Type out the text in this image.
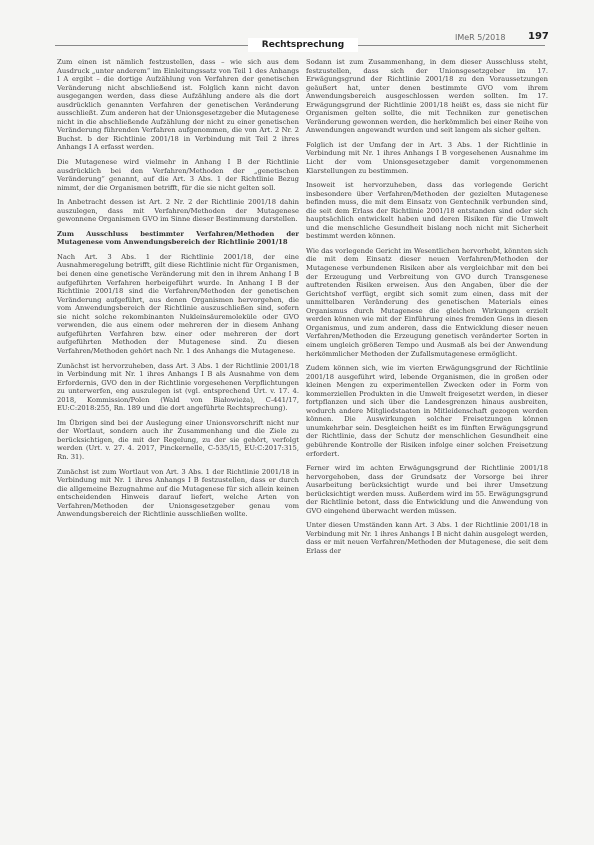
Rechtsprechung
IMeR 5/2018 197

Zum einen ist nämlich festzustellen, dass – wie sich aus dem Ausdruck „unter anderem“ im Einleitungssatz von Teil 1 des Anhangs I A ergibt – die dortige Aufzählung von Verfahren der genetischen Veränderung nicht abschließend ist. Folglich kann nicht davon ausgegangen werden, dass diese Aufzählung andere als die dort ausdrücklich genannten Verfahren der genetischen Veränderung ausschließt. Zum anderen hat der Unionsgesetzgeber die Mutagenese nicht in die abschließende Aufzählung der nicht zu einer genetischen Veränderung führenden Verfahren aufgenommen, die von Art. 2 Nr. 2 Buchst. b der Richtlinie 2001/18 in Verbindung mit Teil 2 ihres Anhangs I A erfasst werden.

Die Mutagenese wird vielmehr in Anhang I B der Richtlinie ausdrücklich bei den Verfahren/Methoden der „genetischen Veränderung“ genannt, auf die Art. 3 Abs. 1 der Richtlinie Bezug nimmt, der die Organismen betrifft, für die sie nicht gelten soll.

In Anbetracht dessen ist Art. 2 Nr. 2 der Richtlinie 2001/18 dahin auszulegen, dass mit Verfahren/Methoden der Mutagenese gewonnene Organismen GVO im Sinne dieser Bestimmung darstellen.

Zum Ausschluss bestimmter Verfahren/Methoden der Mutagenese vom Anwendungsbereich der Richtlinie 2001/18

Nach Art. 3 Abs. 1 der Richtlinie 2001/18, der eine Ausnahmeregelung betrifft, gilt diese Richtlinie nicht für Organismen, bei denen eine genetische Veränderung mit den in ihrem Anhang I B aufgeführten Verfahren herbeigeführt wurde. In Anhang I B der Richtlinie 2001/18 sind die Verfahren/Methoden der genetischen Veränderung aufgeführt, aus denen Organismen hervorgehen, die vom Anwendungsbereich der Richtlinie auszuschließen sind, sofern sie nicht solche rekombinanten Nukleinsäuremoleküle oder GVO verwenden, die aus einem oder mehreren der in diesem Anhang aufgeführten Verfahren bzw. einer oder mehreren der dort aufgeführten Methoden der Mutagenese sind. Zu diesen Verfahren/Methoden gehört nach Nr. 1 des Anhangs die Mutagenese.

Zunächst ist hervorzuheben, dass Art. 3 Abs. 1 der Richtlinie 2001/18 in Verbindung mit Nr. 1 ihres Anhangs I B als Ausnahme von dem Erfordernis, GVO den in der Richtlinie vorgesehenen Verpflichtungen zu unterwerfen, eng auszulegen ist (vgl. entsprechend Urt. v. 17. 4. 2018, Kommission/Polen (Wald von Białowieża), C-441/17, EU:C:2018:255, Rn. 189 und die dort angeführte Rechtsprechung).

Im Übrigen sind bei der Auslegung einer Unionsvorschrift nicht nur der Wortlaut, sondern auch ihr Zusammenhang und die Ziele zu berücksichtigen, die mit der Regelung, zu der sie gehört, verfolgt werden (Urt. v. 27. 4. 2017, Pinckernelle, C-535/15, EU:C:2017:315, Rn. 31).

Zunächst ist zum Wortlaut von Art. 3 Abs. 1 der Richtlinie 2001/18 in Verbindung mit Nr. 1 ihres Anhangs I B festzustellen, dass er durch die allgemeine Bezugnahme auf die Mutagenese für sich allein keinen entscheidenden Hinweis darauf liefert, welche Arten von Verfahren/Methoden der Unionsgesetzgeber genau vom Anwendungsbereich der Richtlinie ausschließen wollte.

Sodann ist zum Zusammenhang, in dem dieser Ausschluss steht, festzustellen, dass sich der Unionsgesetzgeber im 17. Erwägungsgrund der Richtlinie 2001/18 zu den Voraussetzungen geäußert hat, unter denen bestimmte GVO vom ihrem Anwendungsbereich ausgeschlossen werden sollten. Im 17. Erwägungsgrund der Richtlinie 2001/18 heißt es, dass sie nicht für Organismen gelten sollte, die mit Techniken zur genetischen Veränderung gewonnen werden, die herkömmlich bei einer Reihe von Anwendungen angewandt wurden und seit langem als sicher gelten.

Folglich ist der Umfang der in Art. 3 Abs. 1 der Richtlinie in Verbindung mit Nr. 1 ihres Anhangs I B vorgesehenen Ausnahme im Licht der vom Unionsgesetzgeber damit vorgenommenen Klarstellungen zu bestimmen.

Insoweit ist hervorzuheben, dass das vorlegende Gericht insbesondere über Verfahren/Methoden der gezielten Mutagenese befinden muss, die mit dem Einsatz von Gentechnik verbunden sind, die seit dem Erlass der Richtlinie 2001/18 entstanden sind oder sich hauptsächlich entwickelt haben und deren Risiken für die Umwelt und die menschliche Gesundheit bislang noch nicht mit Sicherheit bestimmt werden können.

Wie das vorlegende Gericht im Wesentlichen hervorhebt, könnten sich die mit dem Einsatz dieser neuen Verfahren/Methoden der Mutagenese verbundenen Risiken aber als vergleichbar mit den bei der Erzeugung und Verbreitung von GVO durch Transgenese auftretenden Risiken erweisen. Aus den Angaben, über die der Gerichtshof verfügt, ergibt sich somit zum einen, dass mit der unmittelbaren Veränderung des genetischen Materials eines Organismus durch Mutagenese die gleichen Wirkungen erzielt werden können wie mit der Einführung eines fremden Gens in diesen Organismus, und zum anderen, dass die Entwicklung dieser neuen Verfahren/Methoden die Erzeugung genetisch veränderter Sorten in einem ungleich größeren Tempo und Ausmaß als bei der Anwendung herkömmlicher Methoden der Zufallsmutagenese ermöglicht.

Zudem können sich, wie im vierten Erwägungsgrund der Richtlinie 2001/18 ausgeführt wird, lebende Organismen, die in großen oder kleinen Mengen zu experimentellen Zwecken oder in Form von kommerziellen Produkten in die Umwelt freigesetzt werden, in dieser fortpflanzen und sich über die Landesgrenzen hinaus ausbreiten, wodurch andere Mitgliedstaaten in Mitleidenschaft gezogen werden können. Die Auswirkungen solcher Freisetzungen können unumkehrbar sein. Desgleichen heißt es im fünften Erwägungsgrund der Richtlinie, dass der Schutz der menschlichen Gesundheit eine gebührende Kontrolle der Risiken infolge einer solchen Freisetzung erfordert.

Ferner wird im achten Erwägungsgrund der Richtlinie 2001/18 hervorgehoben, dass der Grundsatz der Vorsorge bei ihrer Ausarbeitung berücksichtigt wurde und bei ihrer Umsetzung berücksichtigt werden muss. Außerdem wird im 55. Erwägungsgrund der Richtlinie betont, dass die Entwicklung und die Anwendung von GVO eingehend überwacht werden müssen.

Unter diesen Umständen kann Art. 3 Abs. 1 der Richtlinie 2001/18 in Verbindung mit Nr. 1 ihres Anhangs I B nicht dahin ausgelegt werden, dass er mit neuen Verfahren/Methoden der Mutagenese, die seit dem Erlass der
